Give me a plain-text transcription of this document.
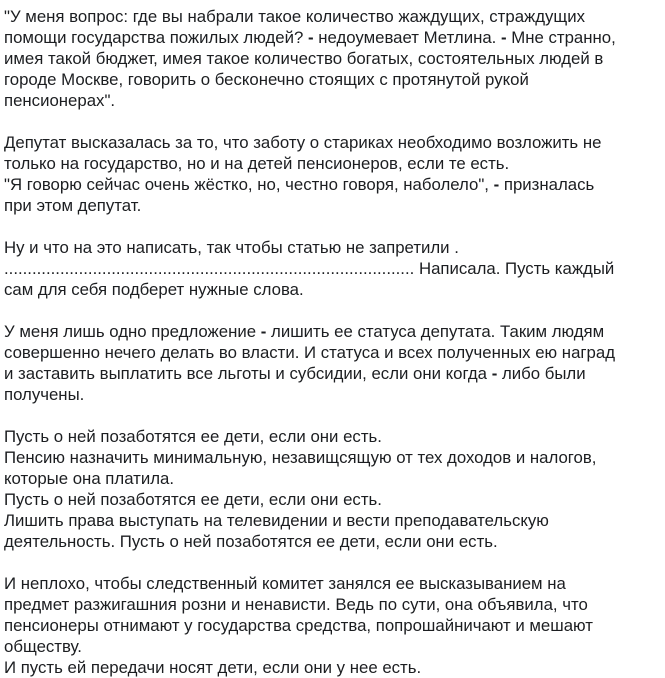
"У меня вопрос: где вы набрали такое количество жаждущих, страждущих
помощи государства пожилых людей? - недоумевает Метлина. - Мне странно,
имея такой бюджет, имея такое количество богатых, состоятельных людей в
городе Москве, говорить о бесконечно стоящих с протянутой рукой
пенсионерах".

Депутат высказалась за то, что заботу о стариках необходимо возложить не
только на государство, но и на детей пенсионеров, если те есть.
"Я говорю сейчас очень жёстко, но, честно говоря, наболело", - призналась
при этом депутат.

Ну и что на это написать, так чтобы статью не запретили .
........................................................................................ Написала. Пусть каждый
сам для себя подберет нужные слова.

У меня лишь одно предложение - лишить ее статуса депутата. Таким людям
совершенно нечего делать во власти. И статуса и всех полученных ею наград
и заставить выплатить все льготы и субсидии, если они когда - либо были
получены.

Пусть о ней позаботятся ее дети, если они есть.
Пенсию назначить минимальную, незавищсящую от тех доходов и налогов,
которые она платила.
Пусть о ней позаботятся ее дети, если они есть.
Лишить права выступать на телевидении и вести преподавательскую
деятельность. Пусть о ней позаботятся ее дети, если они есть.

И неплохо, чтобы следственный комитет занялся ее высказыванием на
предмет разжигашния розни и ненависти. Ведь по сути, она объявила, что
пенсионеры отнимают у государства средства, попрошайничают и мешают
обществу.
И пусть ей передачи носят дети, если они у нее есть.
